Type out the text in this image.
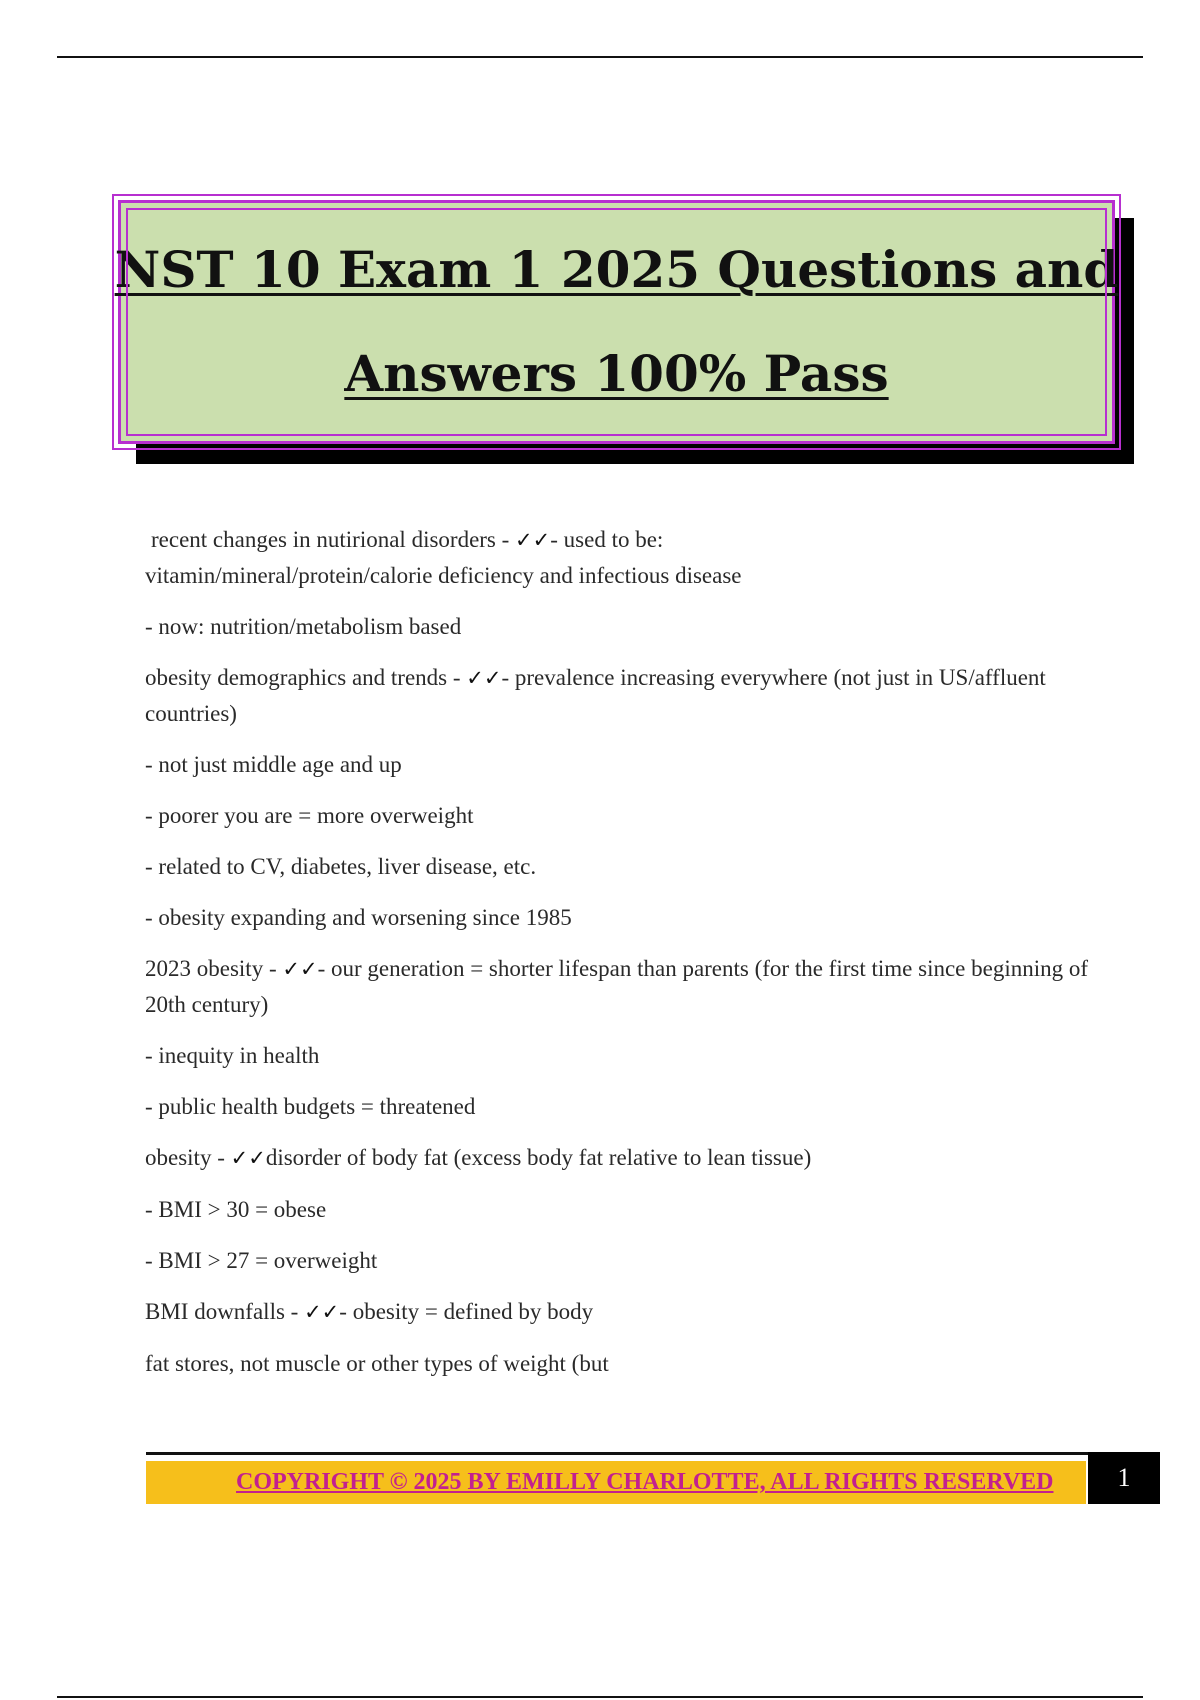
NST 10 Exam 1 2025 Questions and
Answers 100% Pass
recent changes in nutirional disorders - ✓✓- used to be:
vitamin/mineral/protein/calorie deficiency and infectious disease
- now: nutrition/metabolism based
obesity demographics and trends - ✓✓- prevalence increasing everywhere (not just in US/affluent countries)
- not just middle age and up
- poorer you are = more overweight
- related to CV, diabetes, liver disease, etc.
- obesity expanding and worsening since 1985
2023 obesity - ✓✓- our generation = shorter lifespan than parents (for the first time since beginning of 20th century)
- inequity in health
- public health budgets = threatened
obesity - ✓✓disorder of body fat (excess body fat relative to lean tissue)
- BMI > 30 = obese
- BMI > 27 = overweight
BMI downfalls - ✓✓- obesity = defined by body
fat stores, not muscle or other types of weight (but
COPYRIGHT © 2025 BY EMILLY CHARLOTTE, ALL RIGHTS RESERVED	1
